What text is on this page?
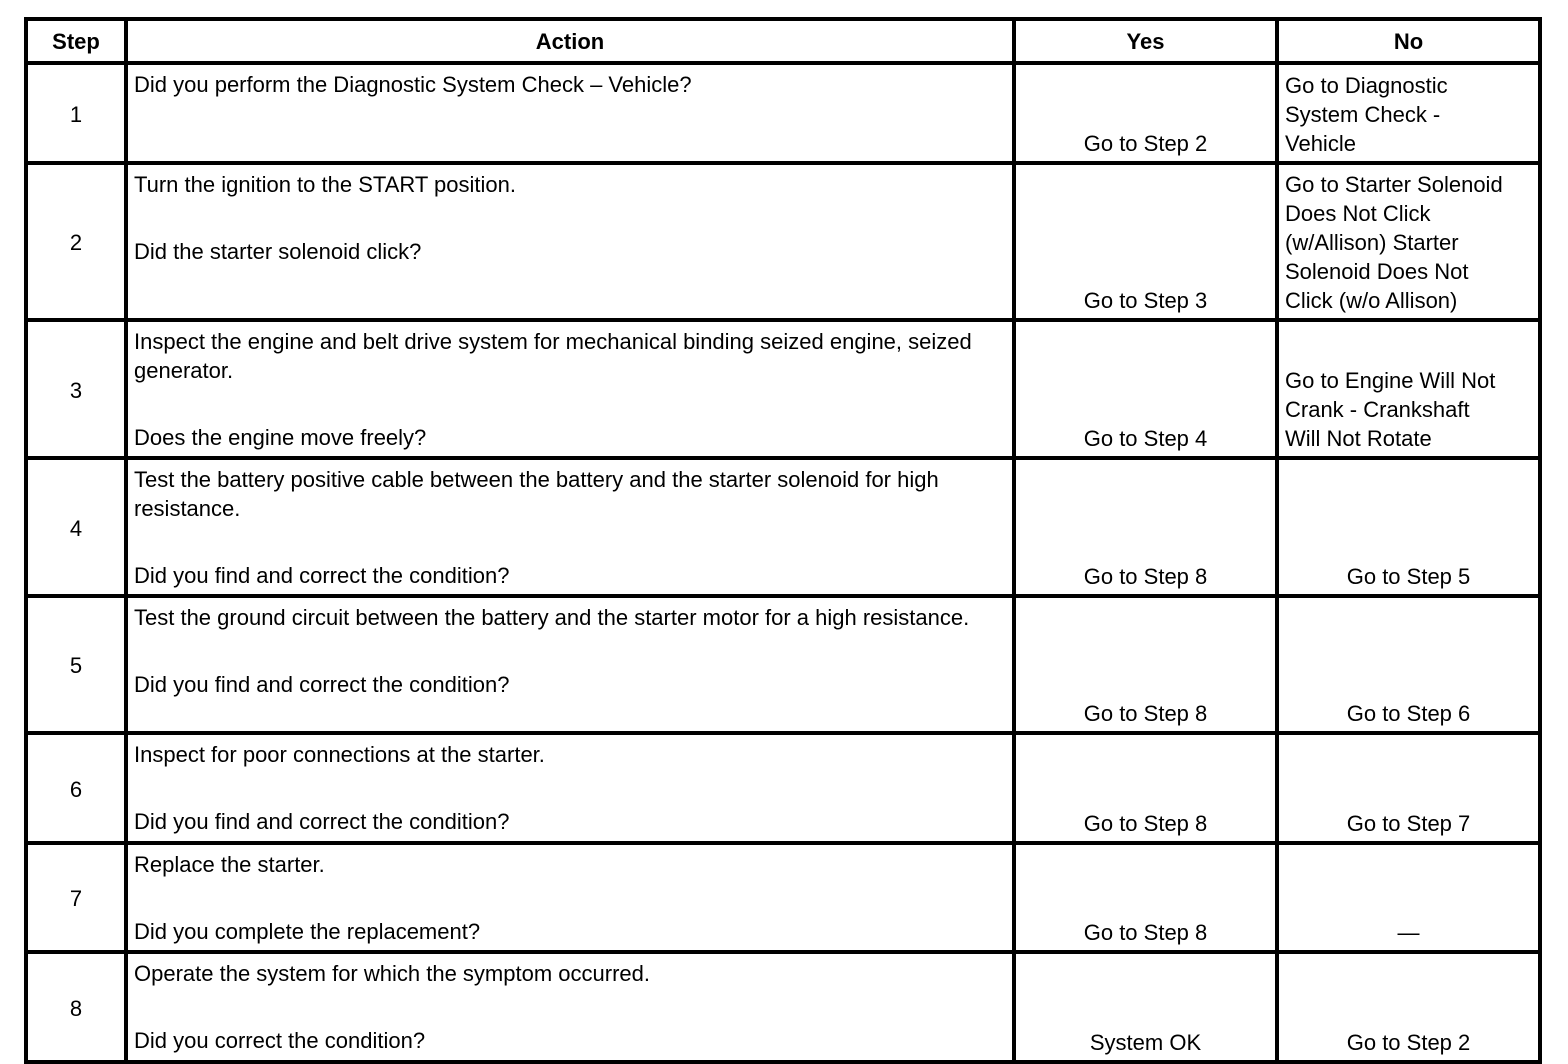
Step	Action	Yes	No
1	Did you perform the Diagnostic System Check – Vehicle?	Go to Step 2	Go to Diagnostic
System Check -
Vehicle

2	Turn the ignition to the START position.
Did the starter solenoid click?	Go to Step 3	Go to Starter Solenoid
Does Not Click
(w/Allison) Starter
Solenoid Does Not
Click (w/o Allison)

3	Inspect the engine and belt drive system for mechanical binding seized engine, seized generator.
Does the engine move freely?	Go to Step 4	Go to Engine Will Not
Crank - Crankshaft
Will Not Rotate

4	Test the battery positive cable between the battery and the starter solenoid for high resistance.
Did you find and correct the condition?	Go to Step 8	Go to Step 5

5	Test the ground circuit between the battery and the starter motor for a high resistance.
Did you find and correct the condition?	Go to Step 8	Go to Step 6

6	Inspect for poor connections at the starter.
Did you find and correct the condition?	Go to Step 8	Go to Step 7

7	Replace the starter.
Did you complete the replacement?	Go to Step 8	—

8	Operate the system for which the symptom occurred.
Did you correct the condition?	System OK	Go to Step 2
